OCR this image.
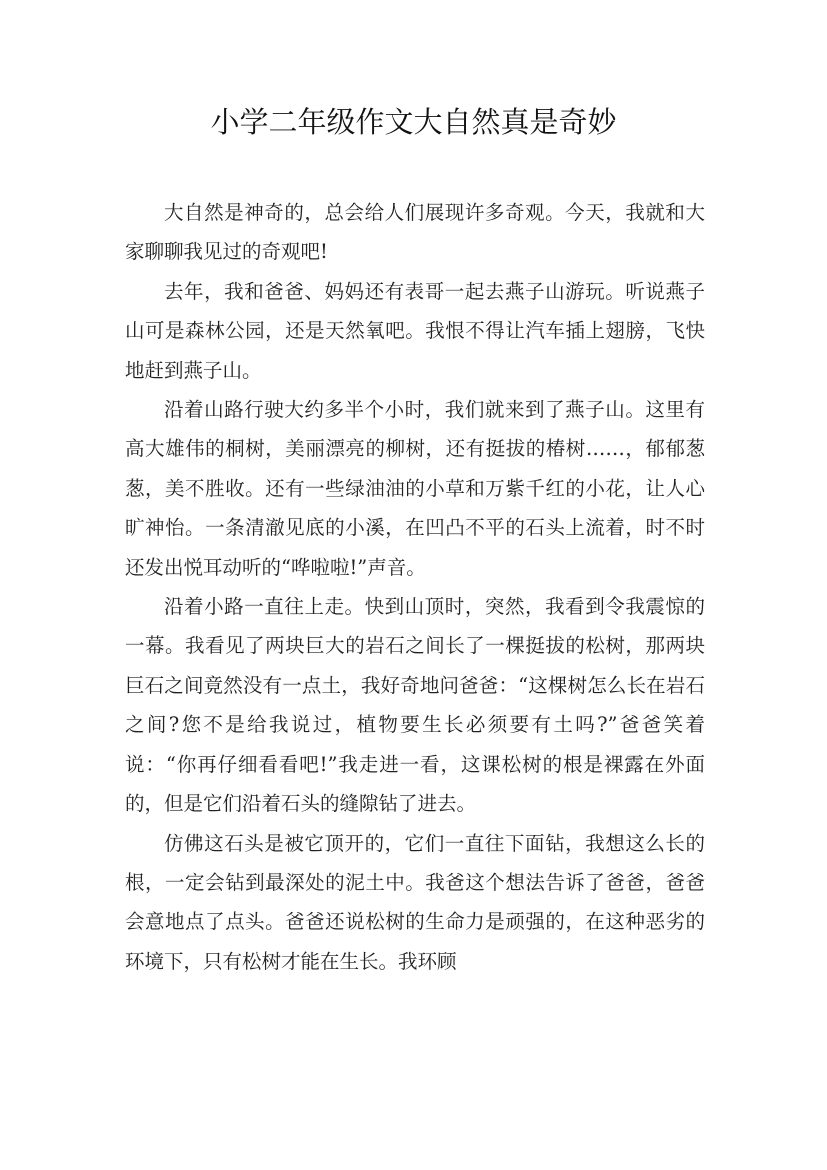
小学二年级作文大自然真是奇妙

大自然是神奇的，总会给人们展现许多奇观。今天，我就和大家聊聊我见过的奇观吧!

去年，我和爸爸、妈妈还有表哥一起去燕子山游玩。听说燕子山可是森林公园，还是天然氧吧。我恨不得让汽车插上翅膀，飞快地赶到燕子山。

沿着山路行驶大约多半个小时，我们就来到了燕子山。这里有高大雄伟的桐树，美丽漂亮的柳树，还有挺拔的椿树……，郁郁葱葱，美不胜收。还有一些绿油油的小草和万紫千红的小花，让人心旷神怡。一条清澈见底的小溪，在凹凸不平的石头上流着，时不时还发出悦耳动听的“哗啦啦!”声音。

沿着小路一直往上走。快到山顶时，突然，我看到令我震惊的一幕。我看见了两块巨大的岩石之间长了一棵挺拔的松树，那两块巨石之间竟然没有一点土，我好奇地问爸爸：“这棵树怎么长在岩石之间?您不是给我说过，植物要生长必须要有土吗?”爸爸笑着说：“你再仔细看看吧!”我走进一看，这课松树的根是裸露在外面的，但是它们沿着石头的缝隙钻了进去。

仿佛这石头是被它顶开的，它们一直往下面钻，我想这么长的根，一定会钻到最深处的泥土中。我爸这个想法告诉了爸爸，爸爸会意地点了点头。爸爸还说松树的生命力是顽强的，在这种恶劣的环境下，只有松树才能在生长。我环顾
